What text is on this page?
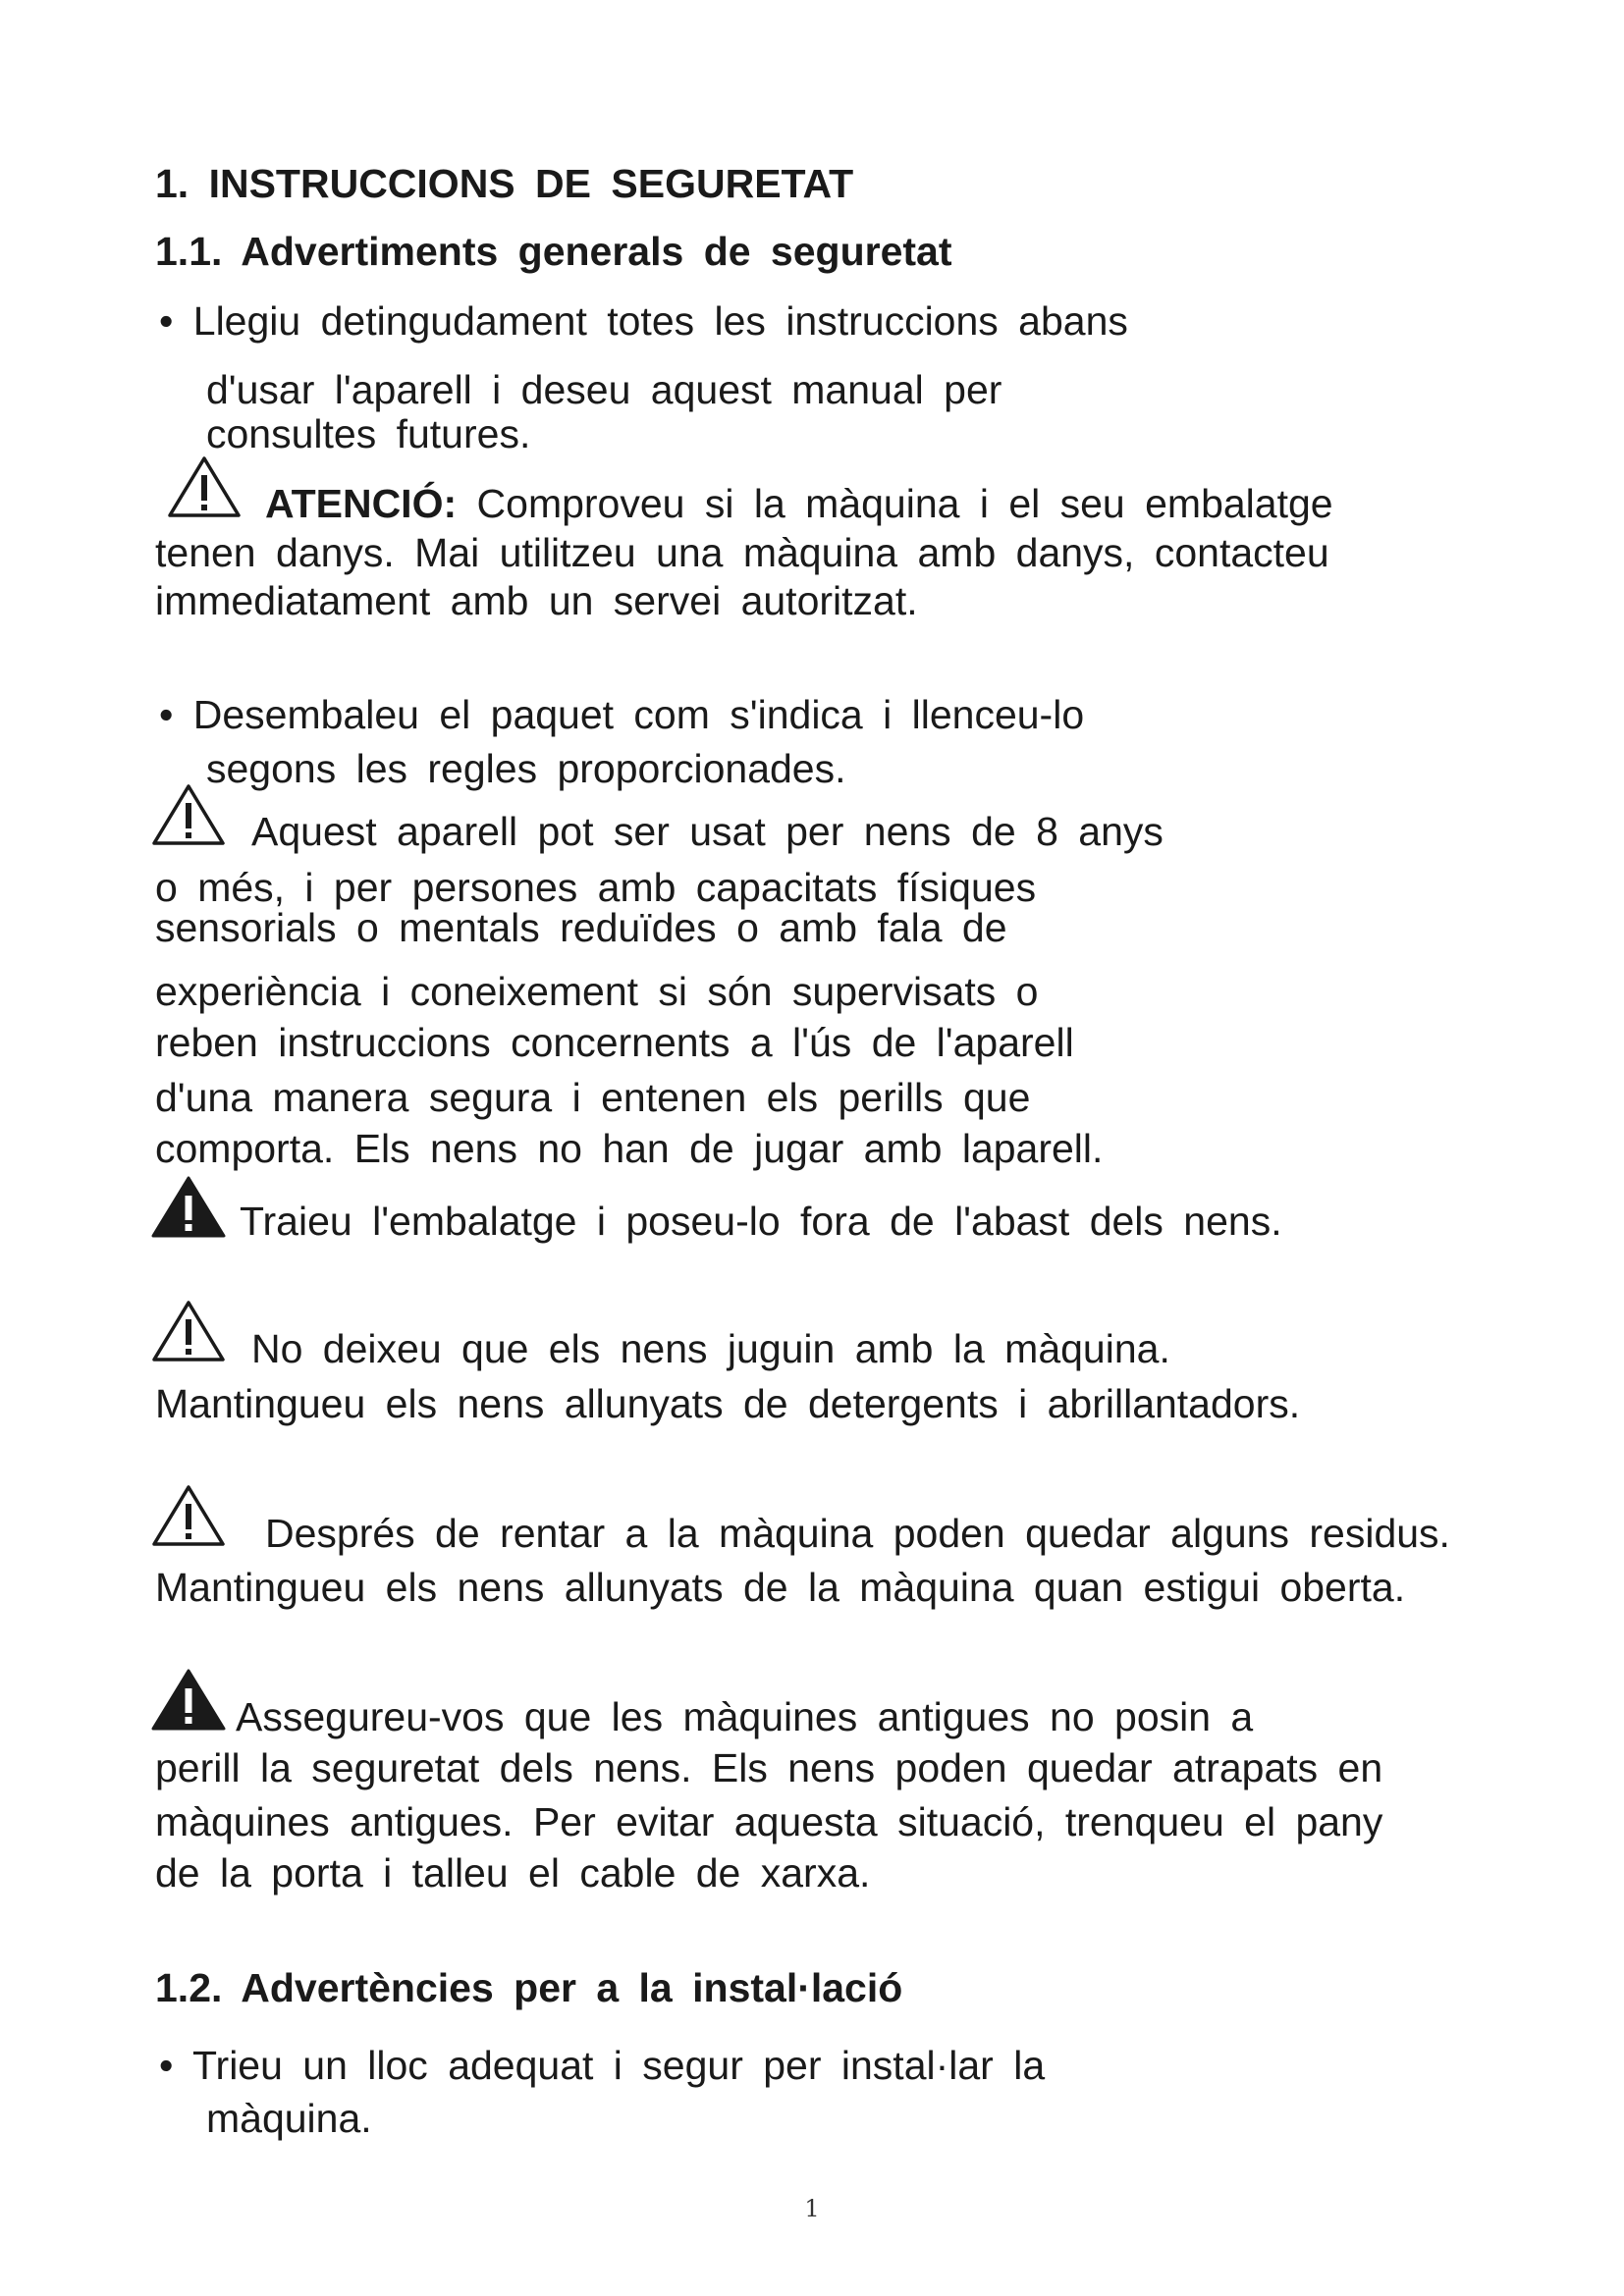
1. INSTRUCCIONS DE SEGURETAT

1.1. Advertiments generals de seguretat

• Llegiu detingudament totes les instruccions abans

d'usar l'aparell i deseu aquest manual per

consultes futures.

ATENCIÓ: Comproveu si la màquina i el seu embalatge

tenen danys. Mai utilitzeu una màquina amb danys, contacteu

immediatament amb un servei autoritzat.

• Desembaleu el paquet com s'indica i llenceu-lo

segons les regles proporcionades.

Aquest aparell pot ser usat per nens de 8 anys

o més, i per persones amb capacitats físiques

sensorials o mentals reduïdes o amb fala de

experiència i coneixement si són supervisats o

reben instruccions concernents a l'ús de l'aparell

d'una manera segura i entenen els perills que

comporta. Els nens no han de jugar amb laparell.

Traieu l'embalatge i poseu-lo fora de l'abast dels nens.

No deixeu que els nens juguin amb la màquina.

Mantingueu els nens allunyats de detergents i abrillantadors.

Després de rentar a la màquina poden quedar alguns residus.

Mantingueu els nens allunyats de la màquina quan estigui oberta.

Assegureu-vos que les màquines antigues no posin a

perill la seguretat dels nens. Els nens poden quedar atrapats en

màquines antigues. Per evitar aquesta situació, trenqueu el pany

de la porta i talleu el cable de xarxa.

1.2. Advertències per a la instal·lació

• Trieu un lloc adequat i segur per instal·lar la

màquina.

1
